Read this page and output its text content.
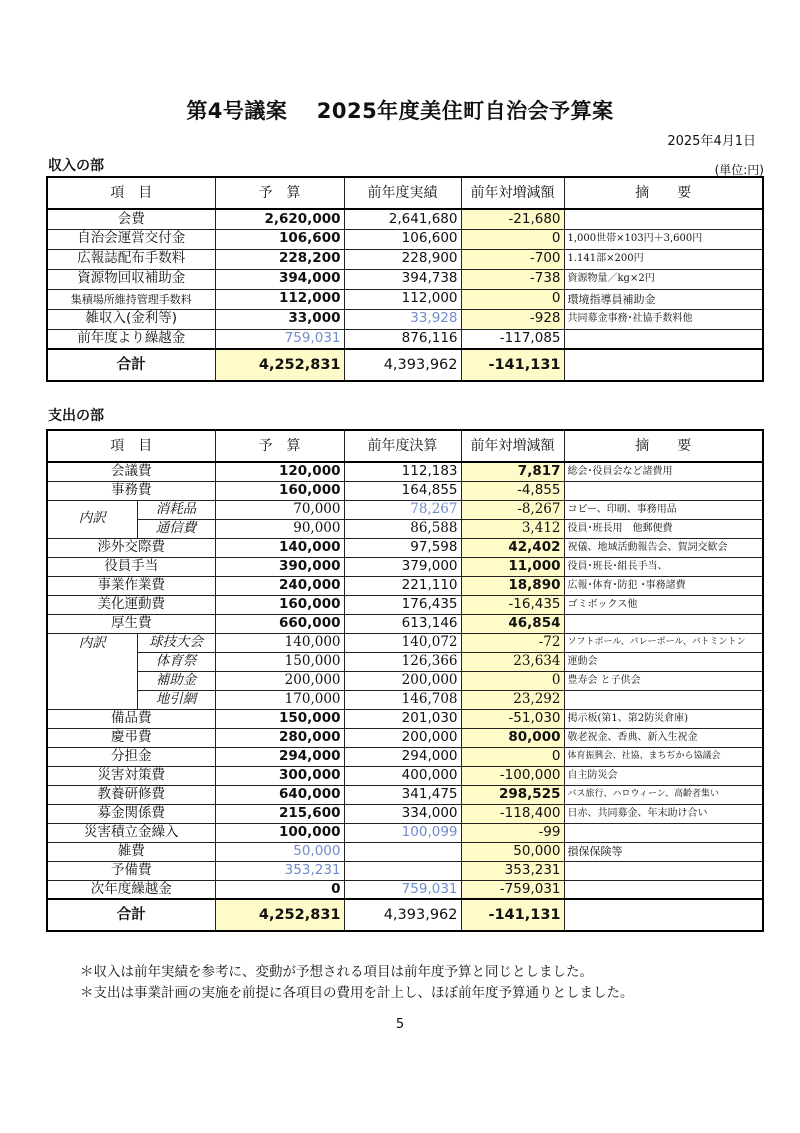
第4号議案　 2025年度美住町自治会予算案
2025年4月1日
収入の部	(単位:円)
項　目	予　算	前年度実績	前年対増減額	摘　　要
会費	2,620,000	2,641,680	-21,680	
自治会運営交付金	106,600	106,600	0	1,000世帯×103円＋3,600円
広報誌配布手数料	228,200	228,900	-700	1.141部×200円
資源物回収補助金	394,000	394,738	-738	資源物量／kg×2円
集積場所維持管理手数料	112,000	112,000	0	環境指導員補助金
雑収入(金利等)	33,000	33,928	-928	共同募金事務･社協手数料他
前年度より繰越金	759,031	876,116	-117,085	
合計	4,252,831	4,393,962	-141,131	
支出の部
項　目		予　算	前年度決算	前年対増減額	摘　　要
会議費		120,000	112,183	7,817	総会･役員会など諸費用
事務費		160,000	164,855	-4,855	
内訳	消耗品	70,000	78,267	-8,267	コピー、印刷、事務用品
	通信費	90,000	86,588	3,412	役員･班長用　他郵便費
渉外交際費		140,000	97,598	42,402	祝儀、地域活動報告会、賀詞交歓会
役員手当		390,000	379,000	11,000	役員･班長･組長手当、
事業作業費		240,000	221,110	18,890	広報･体育･防犯 ･事務諸費
美化運動費		160,000	176,435	-16,435	ゴミボックス他
厚生費		660,000	613,146	46,854	
内訳	球技大会	140,000	140,072	-72	ソフトボール、バレーボール、バトミントン
	体育祭	150,000	126,366	23,634	運動会
	補助金	200,000	200,000	0	豊寿会 と子供会
	地引網	170,000	146,708	23,292	
備品費		150,000	201,030	-51,030	掲示板(第1、第2防災倉庫)
慶弔費		280,000	200,000	80,000	敬老祝金、香典、新入生祝金
分担金		294,000	294,000	0	体育振興会、社協、まちぢから協議会
災害対策費		300,000	400,000	-100,000	自主防災会
教養研修費		640,000	341,475	298,525	バス旅行、ハロウィーン、高齢者集い
募金関係費		215,600	334,000	-118,400	日赤、共同募金、年末助け合い
災害積立金繰入		100,000	100,099	-99	
雑費		50,000		50,000	損保保険等
予備費		353,231		353,231	
次年度繰越金		0	759,031	-759,031	
合計		4,252,831	4,393,962	-141,131	
＊収入は前年実績を参考に、変動が予想される項目は前年度予算と同じとしました。
＊支出は事業計画の実施を前提に各項目の費用を計上し、ほぼ前年度予算通りとしました。
5
